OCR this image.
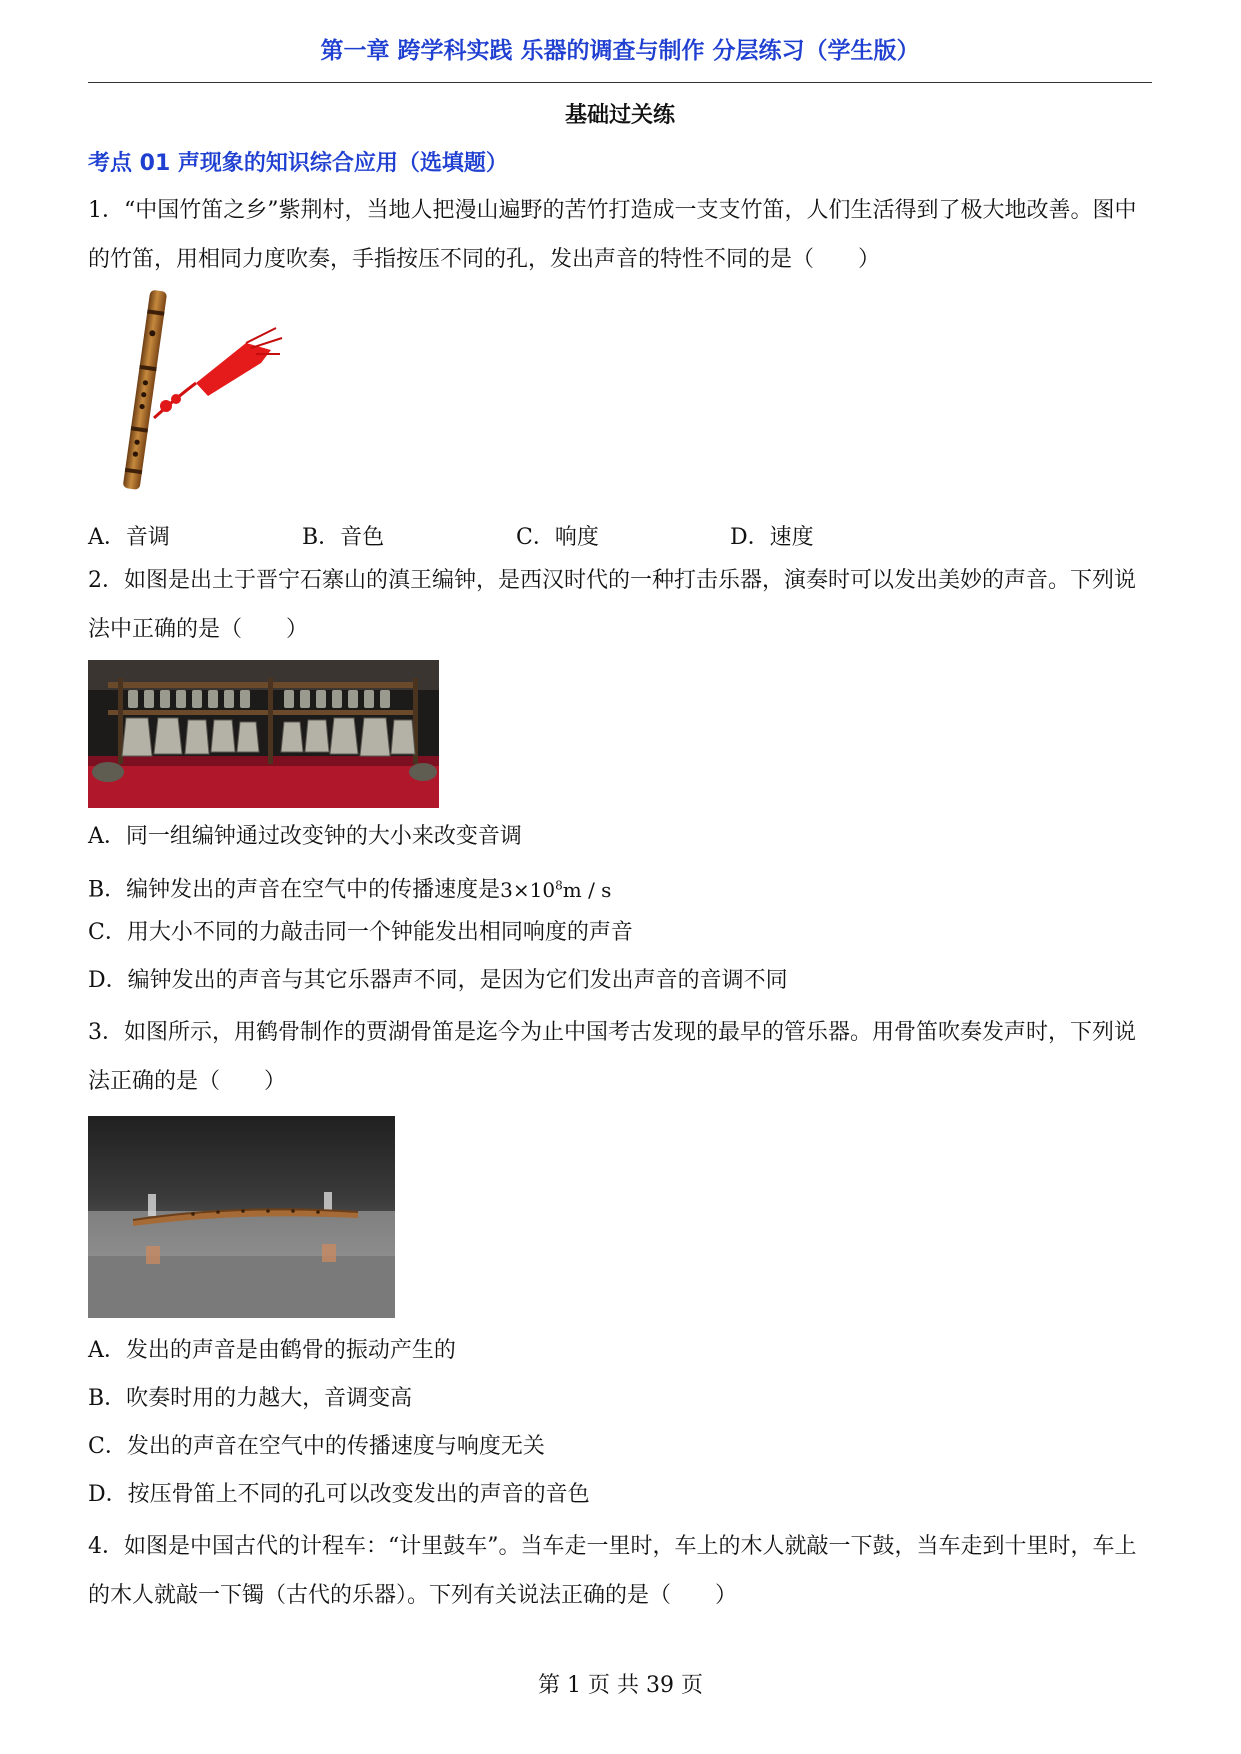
第一章 跨学科实践 乐器的调查与制作 分层练习（学生版）
基础过关练
考点 01 声现象的知识综合应用（选填题）
1．“中国竹笛之乡”紫荆村，当地人把漫山遍野的苦竹打造成一支支竹笛，人们生活得到了极大地改善。图中的竹笛，用相同力度吹奏，手指按压不同的孔，发出声音的特性不同的是（　　）
A．音调	B．音色	C．响度	D．速度
2．如图是出土于晋宁石寨山的滇王编钟，是西汉时代的一种打击乐器，演奏时可以发出美妙的声音。下列说法中正确的是（　　）
A．同一组编钟通过改变钟的大小来改变音调
B．编钟发出的声音在空气中的传播速度是$3\times 10^8m / s$
C．用大小不同的力敲击同一个钟能发出相同响度的声音
D．编钟发出的声音与其它乐器声不同，是因为它们发出声音的音调不同
3．如图所示，用鹤骨制作的贾湖骨笛是迄今为止中国考古发现的最早的管乐器。用骨笛吹奏发声时，下列说法正确的是（　　）
A．发出的声音是由鹤骨的振动产生的
B．吹奏时用的力越大，音调变高
C．发出的声音在空气中的传播速度与响度无关
D．按压骨笛上不同的孔可以改变发出的声音的音色
4．如图是中国古代的计程车：“计里鼓车”。当车走一里时，车上的木人就敲一下鼓，当车走到十里时，车上的木人就敲一下镯（古代的乐器）。下列有关说法正确的是（　　）
第 1 页 共 39 页
